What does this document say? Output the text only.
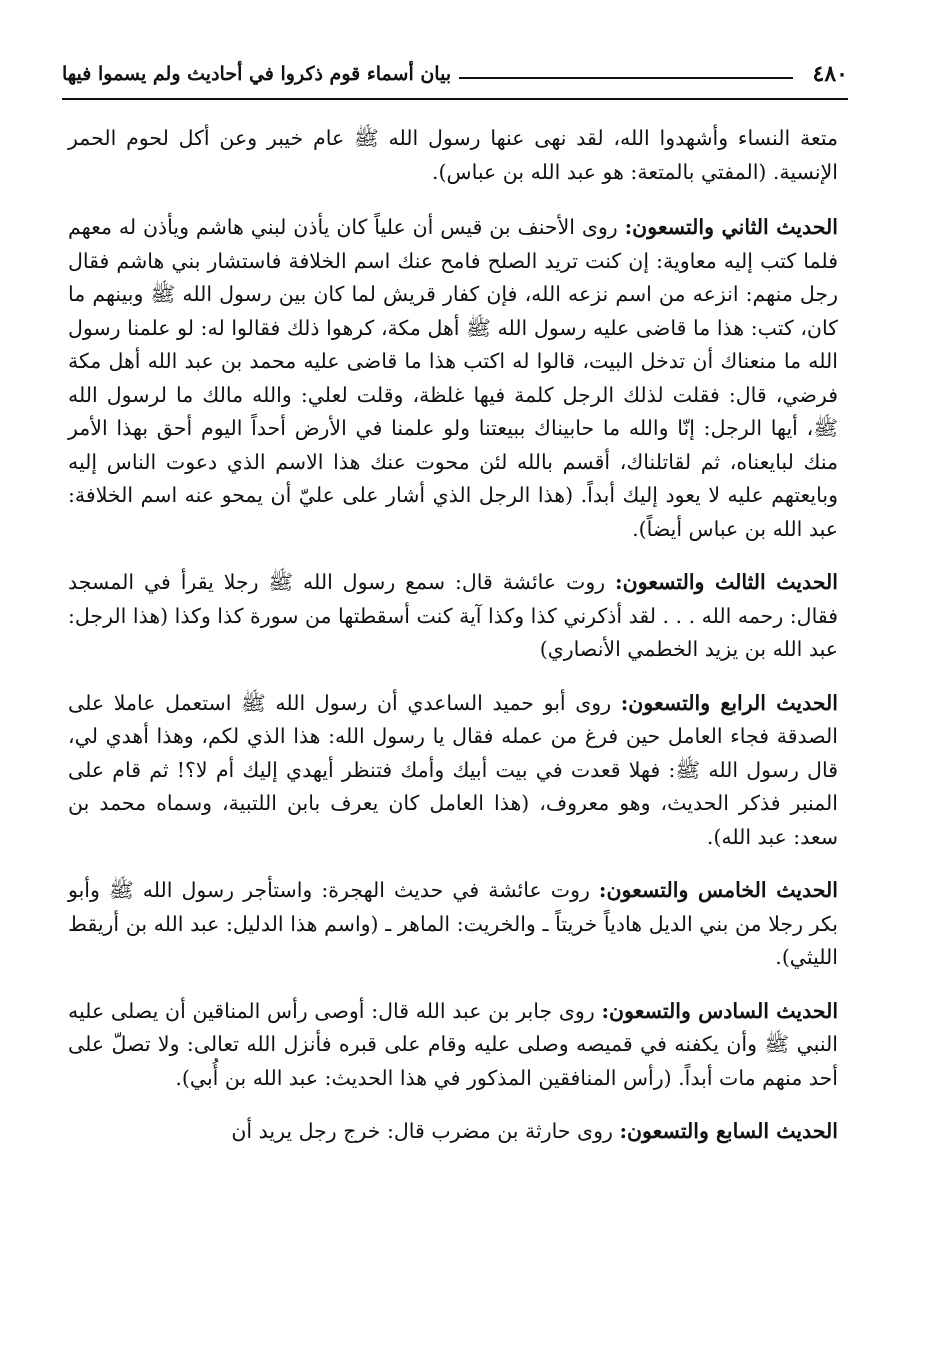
٤٨٠
بيان أسماء قوم ذكروا في أحاديث ولم يسموا فيها

متعة النساء وأشهدوا الله، لقد نهى عنها رسول الله ﷺ عام خيبر وعن أكل لحوم الحمر الإنسية. (المفتي بالمتعة: هو عبد الله بن عباس).

الحديث الثاني والتسعون: روى الأحنف بن قيس أن علياً كان يأذن لبني هاشم ويأذن له معهم فلما كتب إليه معاوية: إن كنت تريد الصلح فامح عنك اسم الخلافة فاستشار بني هاشم فقال رجل منهم: انزعه من اسم نزعه الله، فإن كفار قريش لما كان بين رسول الله ﷺ وبينهم ما كان، كتب: هذا ما قاضى عليه رسول الله ﷺ أهل مكة، كرهوا ذلك فقالوا له: لو علمنا رسول الله ما منعناك أن تدخل البيت، قالوا له اكتب هذا ما قاضى عليه محمد بن عبد الله أهل مكة فرضي، قال: فقلت لذلك الرجل كلمة فيها غلظة، وقلت لعلي: والله مالك ما لرسول الله ﷺ، أيها الرجل: إنّا والله ما حابيناك ببيعتنا ولو علمنا في الأرض أحداً اليوم أحق بهذا الأمر منك لبايعناه، ثم لقاتلناك، أقسم بالله لئن محوت عنك هذا الاسم الذي دعوت الناس إليه وبايعتهم عليه لا يعود إليك أبداً. (هذا الرجل الذي أشار على عليّ أن يمحو عنه اسم الخلافة: عبد الله بن عباس أيضاً).

الحديث الثالث والتسعون: روت عائشة قال: سمع رسول الله ﷺ رجلا يقرأ في المسجد فقال: رحمه الله . . . لقد أذكرني كذا وكذا آية كنت أسقطتها من سورة كذا وكذا (هذا الرجل: عبد الله بن يزيد الخطمي الأنصاري)

الحديث الرابع والتسعون: روى أبو حميد الساعدي أن رسول الله ﷺ استعمل عاملا على الصدقة فجاء العامل حين فرغ من عمله فقال يا رسول الله: هذا الذي لكم، وهذا أهدي لي، قال رسول الله ﷺ: فهلا قعدت في بيت أبيك وأمك فتنظر أيهدي إليك أم لا؟! ثم قام على المنبر فذكر الحديث، وهو معروف، (هذا العامل كان يعرف بابن اللتبية، وسماه محمد بن سعد: عبد الله).

الحديث الخامس والتسعون: روت عائشة في حديث الهجرة: واستأجر رسول الله ﷺ وأبو بكر رجلا من بني الديل هادياً خريتاً ـ والخريت: الماهر ـ (واسم هذا الدليل: عبد الله بن أريقط الليثي).

الحديث السادس والتسعون: روى جابر بن عبد الله قال: أوصى رأس المناقين أن يصلى عليه النبي ﷺ وأن يكفنه في قميصه وصلى عليه وقام على قبره فأنزل الله تعالى: ولا تصلّ على أحد منهم مات أبداً. (رأس المنافقين المذكور في هذا الحديث: عبد الله بن أُبي).

الحديث السابع والتسعون: روى حارثة بن مضرب قال: خرج رجل يريد أن
